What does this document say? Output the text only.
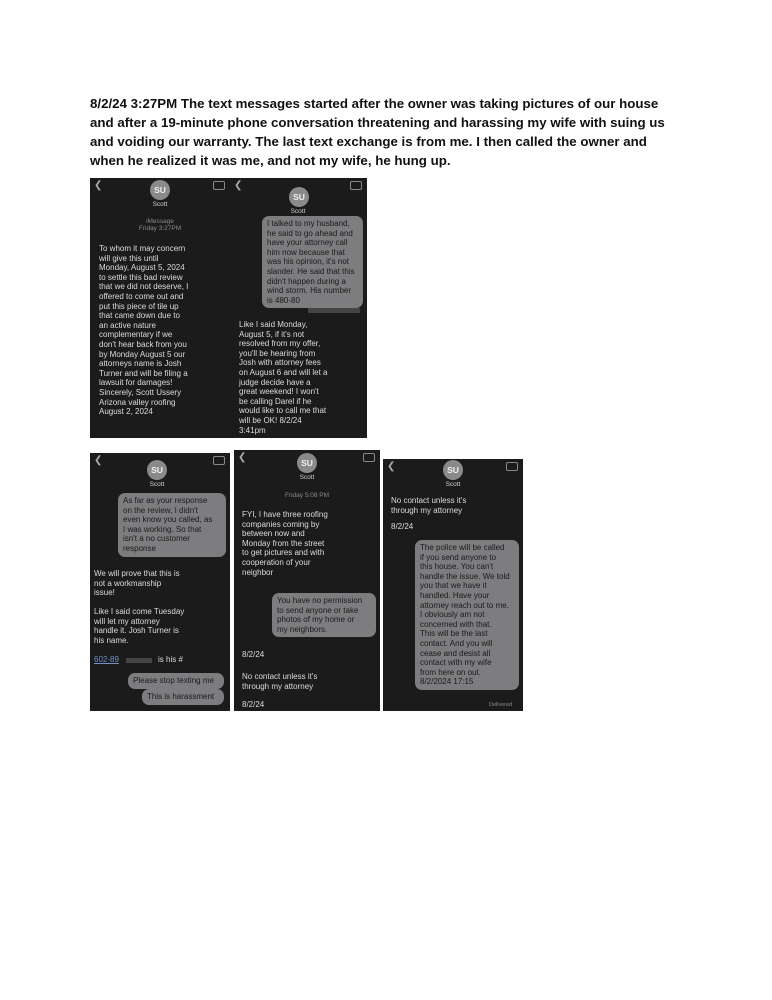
8/2/24 3:27PM The text messages started after the owner was taking pictures of our house and after a 19-minute phone conversation threatening and harassing my wife with suing us and voiding our warranty. The last text exchange is from me. I then called the owner and when he realized it was me, and not my wife, he hung up.

❮	SU
Scott
iMessage
Friday 3:27PM
To whom it may concern
will give this until
Monday, August 5, 2024
to settle this bad review
that we did not deserve, I
offered to come out and
put this piece of tile up
that came down due to
an active nature
complementary if we
don't hear back from you
by Monday August 5 our
attorneys name is Josh
Turner and will be filing a
lawsuit for damages!
Sincerely, Scott Ussery
Arizona valley roofing
August 2, 2024
❮
SU
Scott
I talked to my husband,
he said to go ahead and
have your attorney call
him now because that
was his opinion, it's not
slander. He said that this
didn't happen during a
wind storm. His number
is 480-80
Like I said Monday,
August 5, if it's not
resolved from my offer,
you'll be hearing from
Josh with attorney fees
on August 6 and will let a
judge decide have a
great weekend! I won't
be calling Darel if he
would like to call me that
will be OK! 8/2/24
3:41pm
❮
SU
Scott
As far as your response
on the review, I didn't
even know you called, as
I was working. So that
isn't a no customer
response
We will prove that this is
not a workmanship
issue!
Like I said come Tuesday
will let my attorney
handle it. Josh Turner is
his name.
602-89	is his #
Please stop texting me
This is harassment
❮	SU
Scott
Friday 5:08 PM
FYI, I have three roofing
companies coming by
between now and
Monday from the street
to get pictures and with
cooperation of your
neighbor
You have no permission
to send anyone or take
photos of my home or
my neighbors.
8/2/24
No contact unless it's
through my attorney
8/2/24
❮	SU
Scott
No contact unless it's
through my attorney
8/2/24
The police will be called
if you send anyone to
this house. You can't
handle the issue. We told
you that we have it
handled. Have your
attorney reach out to me.
I obviously am not
concerned with that.
This will be the last
contact. And you will
cease and desist all
contact with my wife
from here on out.
8/2/2024 17:15
Delivered
